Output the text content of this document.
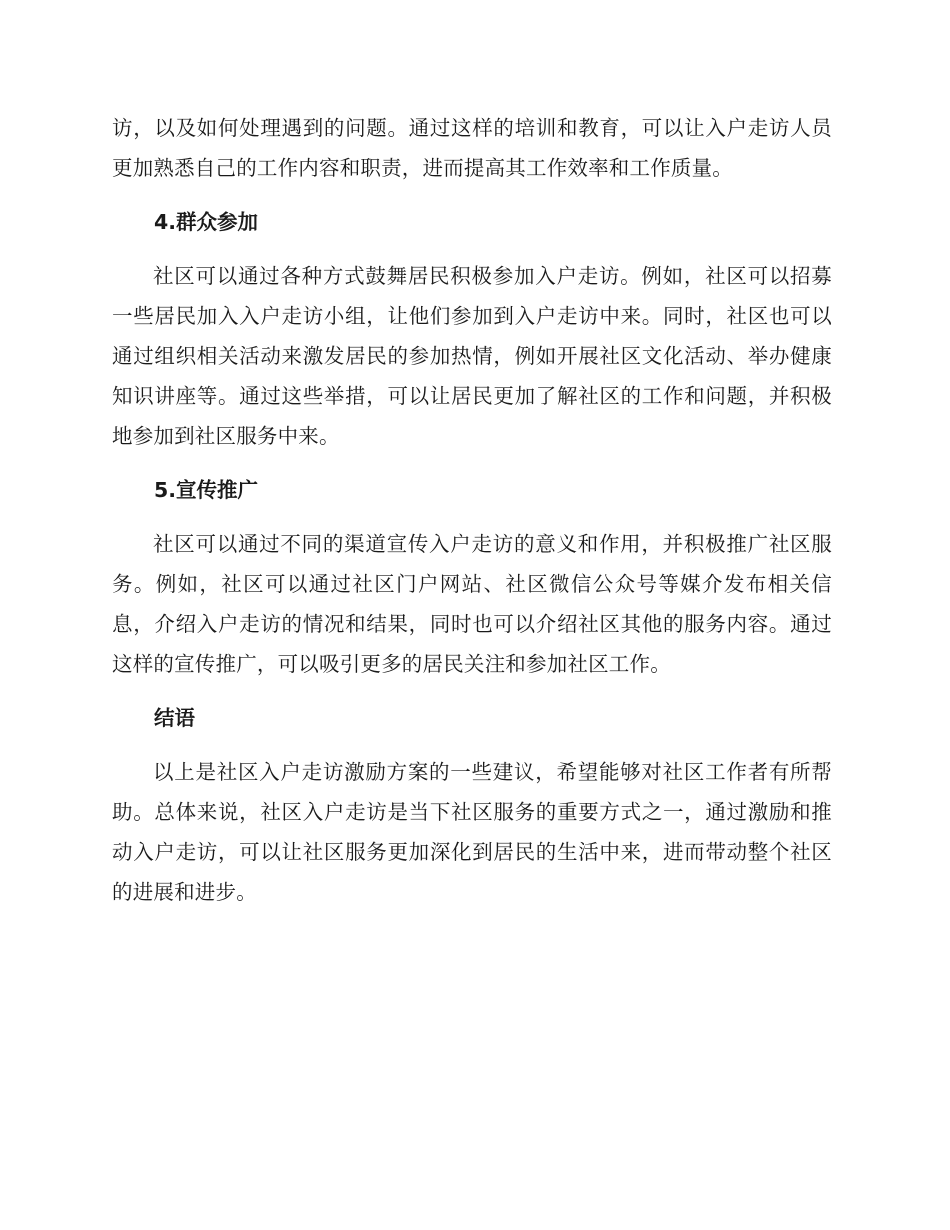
访，以及如何处理遇到的问题。通过这样的培训和教育，可以让入户走访人员更加熟悉自己的工作内容和职责，进而提高其工作效率和工作质量。

4.群众参加

社区可以通过各种方式鼓舞居民积极参加入户走访。例如，社区可以招募一些居民加入入户走访小组，让他们参加到入户走访中来。同时，社区也可以通过组织相关活动来激发居民的参加热情，例如开展社区文化活动、举办健康知识讲座等。通过这些举措，可以让居民更加了解社区的工作和问题，并积极地参加到社区服务中来。

5.宣传推广

社区可以通过不同的渠道宣传入户走访的意义和作用，并积极推广社区服务。例如，社区可以通过社区门户网站、社区微信公众号等媒介发布相关信息，介绍入户走访的情况和结果，同时也可以介绍社区其他的服务内容。通过这样的宣传推广，可以吸引更多的居民关注和参加社区工作。

结语

以上是社区入户走访激励方案的一些建议，希望能够对社区工作者有所帮助。总体来说，社区入户走访是当下社区服务的重要方式之一，通过激励和推动入户走访，可以让社区服务更加深化到居民的生活中来，进而带动整个社区的进展和进步。
